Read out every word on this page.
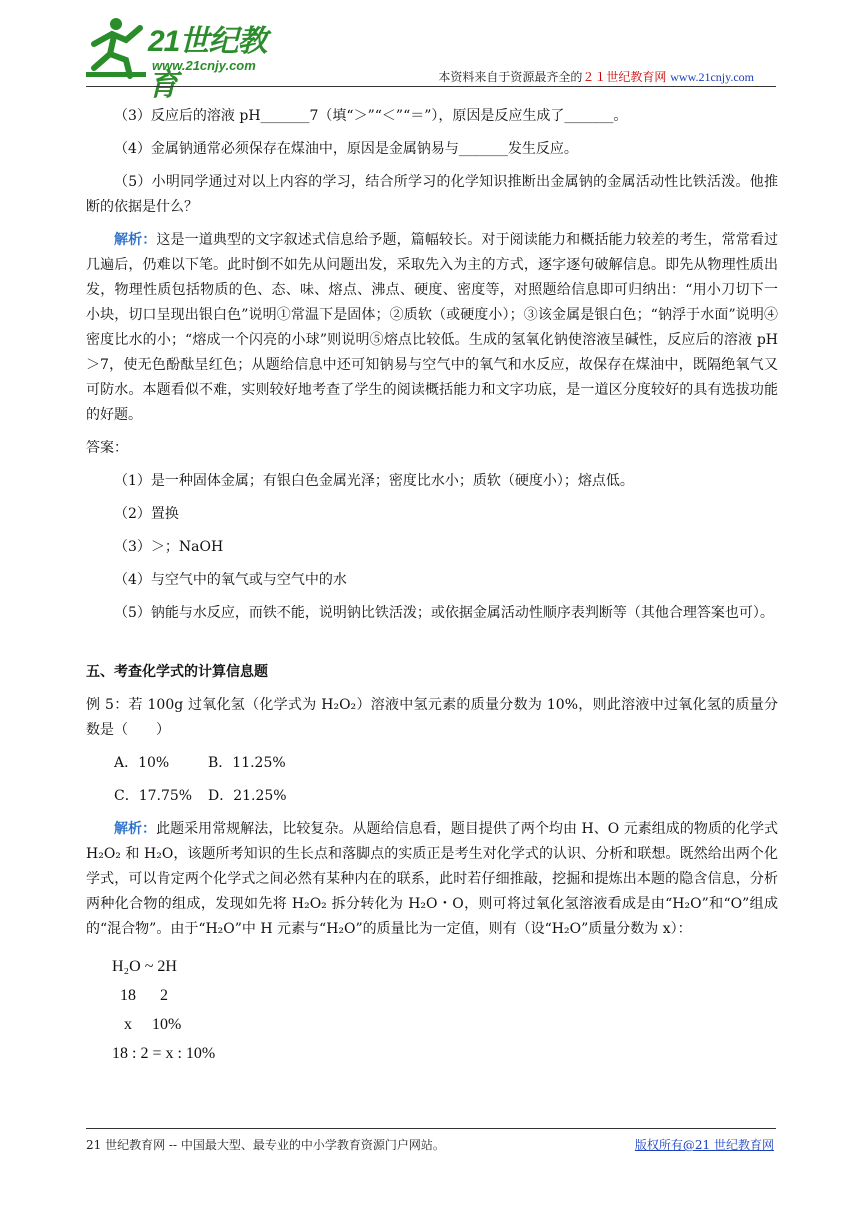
21世纪教育
www.21cnjy.com
本资料来自于资源最齐全的２１世纪教育网 www.21cnjy.com

（3）反应后的溶液 pH_______7（填“＞”“＜”“＝”），原因是反应生成了_______。

（4）金属钠通常必须保存在煤油中，原因是金属钠易与_______发生反应。

（5）小明同学通过对以上内容的学习，结合所学习的化学知识推断出金属钠的金属活动性比铁活泼。他推断的依据是什么？

解析：这是一道典型的文字叙述式信息给予题，篇幅较长。对于阅读能力和概括能力较差的考生，常常看过几遍后，仍难以下笔。此时倒不如先从问题出发，采取先入为主的方式，逐字逐句破解信息。即先从物理性质出发，物理性质包括物质的色、态、味、熔点、沸点、硬度、密度等，对照题给信息即可归纳出：“用小刀切下一小块，切口呈现出银白色”说明①常温下是固体；②质软（或硬度小）；③该金属是银白色；“钠浮于水面”说明④密度比水的小；“熔成一个闪亮的小球”则说明⑤熔点比较低。生成的氢氧化钠使溶液呈碱性，反应后的溶液 pH＞7，使无色酚酞呈红色；从题给信息中还可知钠易与空气中的氧气和水反应，故保存在煤油中，既隔绝氧气又可防水。本题看似不难，实则较好地考查了学生的阅读概括能力和文字功底，是一道区分度较好的具有选拔功能的好题。

答案：

（1）是一种固体金属；有银白色金属光泽；密度比水小；质软（硬度小）；熔点低。

（2）置换

（3）＞；NaOH

（4）与空气中的氧气或与空气中的水

（5）钠能与水反应，而铁不能，说明钠比铁活泼；或依据金属活动性顺序表判断等（其他合理答案也可）。

五、考查化学式的计算信息题

例 5：若 100g 过氧化氢（化学式为 H₂O₂）溶液中氢元素的质量分数为 10%，则此溶液中过氧化氢的质量分数是（　　）

A．10%	B．11.25%

C．17.75% D．21.25%

解析：此题采用常规解法，比较复杂。从题给信息看，题目提供了两个均由 H、O 元素组成的物质的化学式 H₂O₂ 和 H₂O，该题所考知识的生长点和落脚点的实质正是考生对化学式的认识、分析和联想。既然给出两个化学式，可以肯定两个化学式之间必然有某种内在的联系，此时若仔细推敲，挖掘和提炼出本题的隐含信息，分析两种化合物的组成，发现如先将 H₂O₂ 拆分转化为 H₂O・O，则可将过氧化氢溶液看成是由“H₂O”和“O”组成的“混合物”。由于“H₂O”中 H 元素与“H₂O”的质量比为一定值，则有（设“H₂O”质量分数为 x）：

H₂O ~ 2H
18      2
x     10%
18 : 2 = x : 10%
21 世纪教育网 -- 中国最大型、最专业的中小学教育资源门户网站。	版权所有@21 世纪教育网
